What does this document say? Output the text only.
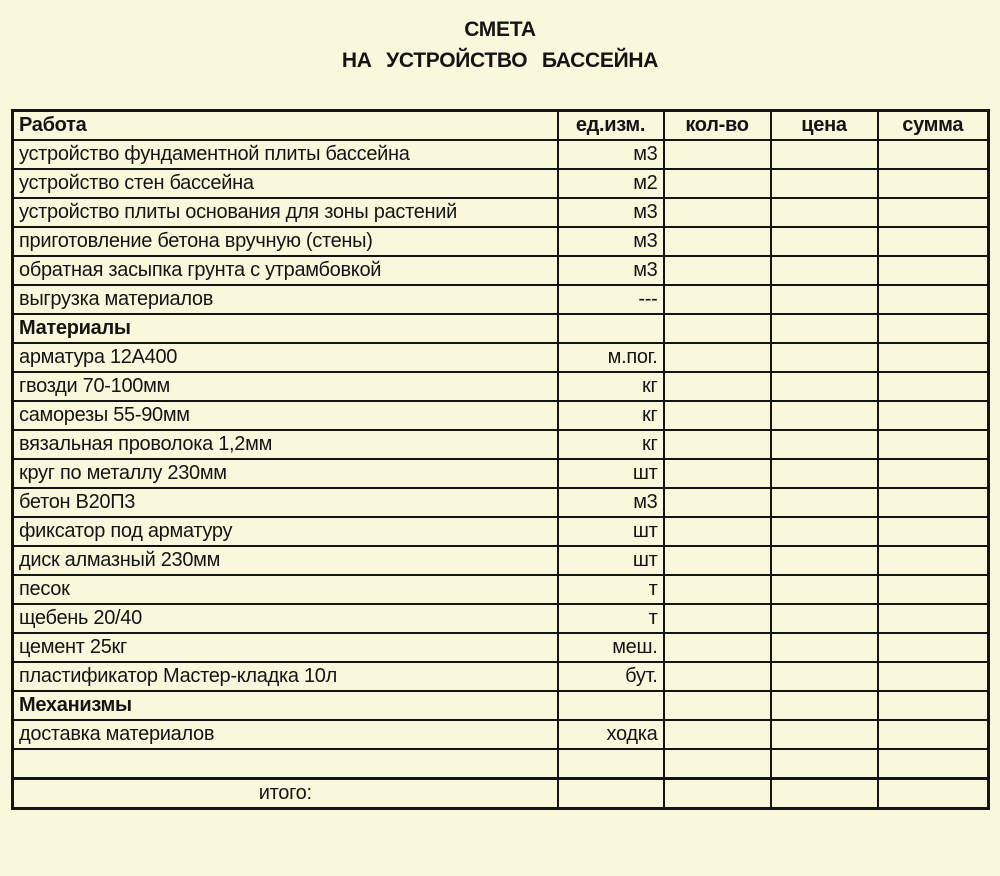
СМЕТА
НА УСТРОЙСТВО БАССЕЙНА
Работа	ед.изм.	кол-во	цена	сумма
устройство фундаментной плиты бассейна	м3			
устройство стен бассейна	м2			
устройство плиты основания для зоны растений	м3			
приготовление бетона вручную (стены)	м3			
обратная засыпка грунта с утрамбовкой	м3			
выгрузка материалов	---			
Материалы				
арматура 12А400	м.пог.			
гвозди 70-100мм	кг			
саморезы 55-90мм	кг			
вязальная проволока 1,2мм	кг			
круг по металлу 230мм	шт			
бетон В20П3	м3			
фиксатор под арматуру	шт			
диск алмазный 230мм	шт			
песок	т			
щебень 20/40	т			
цемент 25кг	меш.			
пластификатор Мастер-кладка 10л	бут.			
Механизмы				
доставка материалов	ходка			

итого:				
